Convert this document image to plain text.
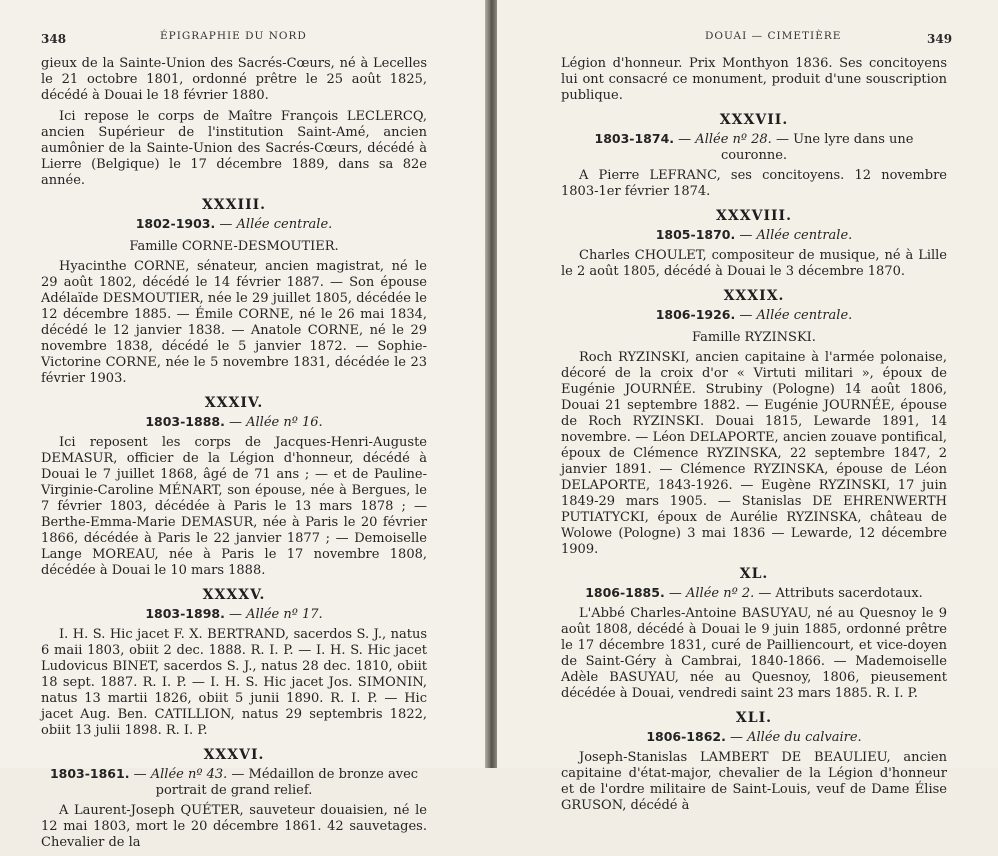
348	ÉPIGRAPHIE DU NORD

gieux de la Sainte-Union des Sacrés-Cœurs, né à Lecelles le 21 octobre 1801, ordonné prêtre le 25 août 1825, décédé à Douai le 18 février 1880.

Ici repose le corps de Maître François LECLERCQ, ancien Supérieur de l'institution Saint-Amé, ancien aumônier de la Sainte-Union des Sacrés-Cœurs, décédé à Lierre (Belgique) le 17 décembre 1889, dans sa 82e année.

XXXIII.
1802-1903. — Allée centrale.
Famille CORNE-DESMOUTIER.

Hyacinthe CORNE, sénateur, ancien magistrat, né le 29 août 1802, décédé le 14 février 1887. — Son épouse Adélaïde DESMOUTIER, née le 29 juillet 1805, décédée le 12 décembre 1885. — Émile CORNE, né le 26 mai 1834, décédé le 12 janvier 1838. — Anatole CORNE, né le 29 novembre 1838, décédé le 5 janvier 1872. — Sophie-Victorine CORNE, née le 5 novembre 1831, décédée le 23 février 1903.

XXXIV.
1803-1888. — Allée nº 16.

Ici reposent les corps de Jacques-Henri-Auguste DEMASUR, officier de la Légion d'honneur, décédé à Douai le 7 juillet 1868, âgé de 71 ans ; — et de Pauline-Virginie-Caroline MÉNART, son épouse, née à Bergues, le 7 février 1803, décédée à Paris le 13 mars 1878 ; — Berthe-Emma-Marie DEMASUR, née à Paris le 20 février 1866, décédée à Paris le 22 janvier 1877 ; — Demoiselle Lange MOREAU, née à Paris le 17 novembre 1808, décédée à Douai le 10 mars 1888.

XXXXV.
1803-1898. — Allée nº 17.

I. H. S. Hic jacet F. X. BERTRAND, sacerdos S. J., natus 6 maii 1803, obiit 2 dec. 1888. R. I. P. — I. H. S. Hic jacet Ludovicus BINET, sacerdos S. J., natus 28 dec. 1810, obiit 18 sept. 1887. R. I. P. — I. H. S. Hic jacet Jos. SIMONIN, natus 13 martii 1826, obiit 5 junii 1890. R. I. P. — Hic jacet Aug. Ben. CATILLION, natus 29 septembris 1822, obiit 13 julii 1898. R. I. P.

XXXVI.
1803-1861. — Allée nº 43. — Médaillon de bronze avec portrait de grand relief.

A Laurent-Joseph QUÉTER, sauveteur douaisien, né le 12 mai 1803, mort le 20 décembre 1861. 42 sauvetages. Chevalier de la

DOUAI — CIMETIÈRE	349

Légion d'honneur. Prix Monthyon 1836. Ses concitoyens lui ont consacré ce monument, produit d'une souscription publique.

XXXVII.
1803-1874. — Allée nº 28. — Une lyre dans une couronne.

A Pierre LEFRANC, ses concitoyens. 12 novembre 1803-1er février 1874.

XXXVIII.
1805-1870. — Allée centrale.

Charles CHOULET, compositeur de musique, né à Lille le 2 août 1805, décédé à Douai le 3 décembre 1870.

XXXIX.
1806-1926. — Allée centrale.
Famille RYZINSKI.

Roch RYZINSKI, ancien capitaine à l'armée polonaise, décoré de la croix d'or « Virtuti militari », époux de Eugénie JOURNÉE. Strubiny (Pologne) 14 août 1806, Douai 21 septembre 1882. — Eugénie JOURNÉE, épouse de Roch RYZINSKI. Douai 1815, Lewarde 1891, 14 novembre. — Léon DELAPORTE, ancien zouave pontifical, époux de Clémence RYZINSKA, 22 septembre 1847, 2 janvier 1891. — Clémence RYZINSKA, épouse de Léon DELAPORTE, 1843-1926. — Eugène RYZINSKI, 17 juin 1849-29 mars 1905. — Stanislas DE EHRENWERTH PUTIATYCKI, époux de Aurélie RYZINSKA, château de Wolowe (Pologne) 3 mai 1836 — Lewarde, 12 décembre 1909.

XL.
1806-1885. — Allée nº 2. — Attributs sacerdotaux.

L'Abbé Charles-Antoine BASUYAU, né au Quesnoy le 9 août 1808, décédé à Douai le 9 juin 1885, ordonné prêtre le 17 décembre 1831, curé de Pailliencourt, et vice-doyen de Saint-Géry à Cambrai, 1840-1866. — Mademoiselle Adèle BASUYAU, née au Quesnoy, 1806, pieusement décédée à Douai, vendredi saint 23 mars 1885. R. I. P.

XLI.
1806-1862. — Allée du calvaire.

Joseph-Stanislas LAMBERT DE BEAULIEU, ancien capitaine d'état-major, chevalier de la Légion d'honneur et de l'ordre militaire de Saint-Louis, veuf de Dame Élise GRUSON, décédé à
